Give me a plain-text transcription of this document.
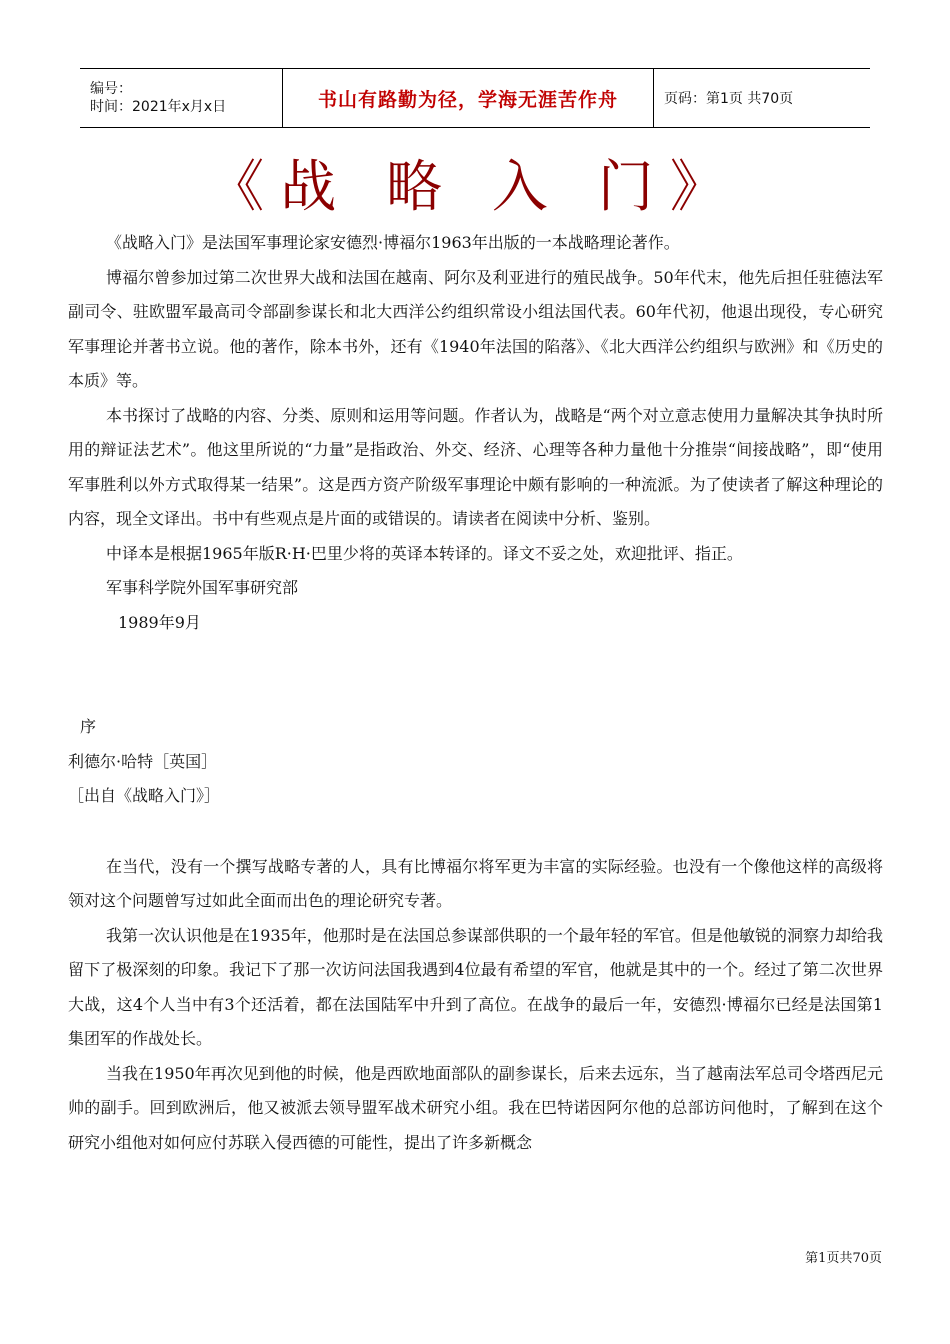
编号：
时间：2021年x月x日	书山有路勤为径，学海无涯苦作舟	页码：第1页 共70页
《战 略 入 门》

《战略入门》是法国军事理论家安德烈·博福尔1963年出版的一本战略理论著作。

博福尔曾参加过第二次世界大战和法国在越南、阿尔及利亚进行的殖民战争。50年代末，他先后担任驻德法军副司令、驻欧盟军最高司令部副参谋长和北大西洋公约组织常设小组法国代表。60年代初，他退出现役，专心研究军事理论并著书立说。他的著作，除本书外，还有《1940年法国的陷落》、《北大西洋公约组织与欧洲》和《历史的本质》等。

本书探讨了战略的内容、分类、原则和运用等问题。作者认为，战略是“两个对立意志使用力量解决其争执时所用的辩证法艺术”。他这里所说的“力量”是指政治、外交、经济、心理等各种力量他十分推崇“间接战略”，即“使用军事胜利以外方式取得某一结果”。这是西方资产阶级军事理论中颇有影响的一种流派。为了使读者了解这种理论的内容，现全文译出。书中有些观点是片面的或错误的。请读者在阅读中分析、鉴别。

中译本是根据1965年版R·H·巴里少将的英译本转译的。译文不妥之处，欢迎批评、指正。

军事科学院外国军事研究部

1989年9月

序

利德尔·哈特［英国］

［出自《战略入门》］

在当代，没有一个撰写战略专著的人，具有比博福尔将军更为丰富的实际经验。也没有一个像他这样的高级将领对这个问题曾写过如此全面而出色的理论研究专著。

我第一次认识他是在1935年，他那时是在法国总参谋部供职的一个最年轻的军官。但是他敏锐的洞察力却给我留下了极深刻的印象。我记下了那一次访问法国我遇到4位最有希望的军官，他就是其中的一个。经过了第二次世界大战，这4个人当中有3个还活着，都在法国陆军中升到了高位。在战争的最后一年，安德烈·博福尔已经是法国第1集团军的作战处长。

当我在1950年再次见到他的时候，他是西欧地面部队的副参谋长，后来去远东，当了越南法军总司令塔西尼元帅的副手。回到欧洲后，他又被派去领导盟军战术研究小组。我在巴特诺因阿尔他的总部访问他时，了解到在这个研究小组他对如何应付苏联入侵西德的可能性，提出了许多新概念

第1页共70页
